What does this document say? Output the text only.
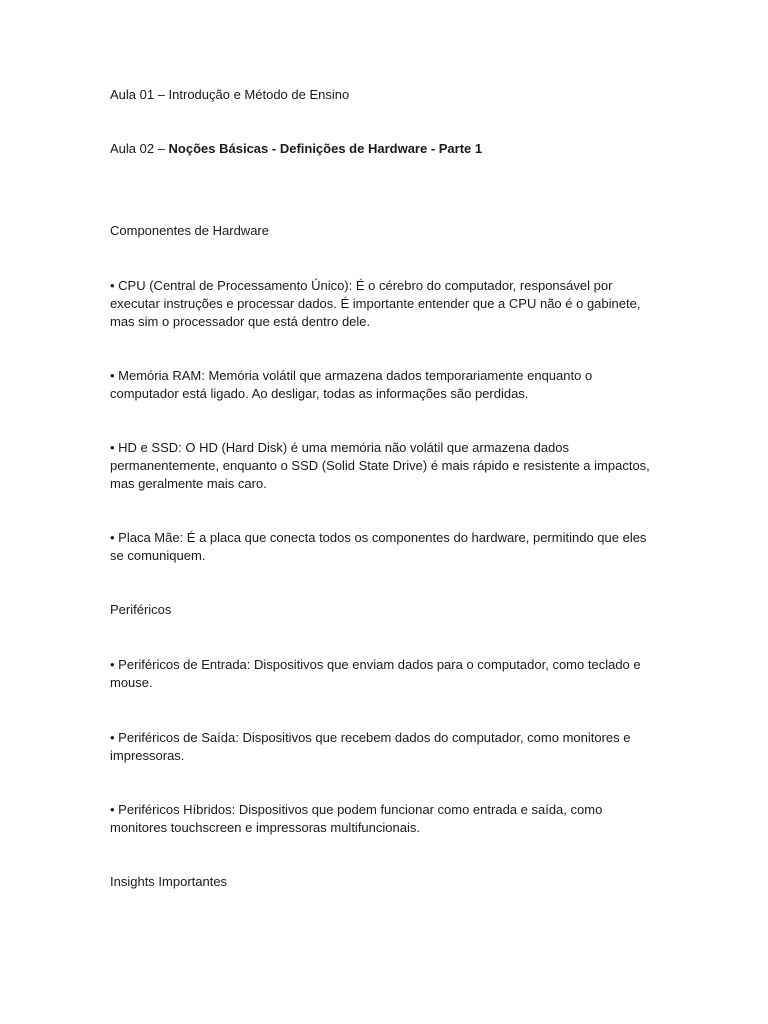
Aula 01 – Introdução e Método de Ensino

Aula 02 – Noções Básicas - Definições de Hardware - Parte 1

Componentes de Hardware

• CPU (Central de Processamento Único): É o cérebro do computador, responsável por executar instruções e processar dados. É importante entender que a CPU não é o gabinete, mas sim o processador que está dentro dele.

• Memória RAM: Memória volátil que armazena dados temporariamente enquanto o computador está ligado. Ao desligar, todas as informações são perdidas.

• HD e SSD: O HD (Hard Disk) é uma memória não volátil que armazena dados permanentemente, enquanto o SSD (Solid State Drive) é mais rápido e resistente a impactos, mas geralmente mais caro.

• Placa Mãe: É a placa que conecta todos os componentes do hardware, permitindo que eles se comuniquem.

Periféricos

• Periféricos de Entrada: Dispositivos que enviam dados para o computador, como teclado e mouse.

• Periféricos de Saída: Dispositivos que recebem dados do computador, como monitores e impressoras.

• Periféricos Híbridos: Dispositivos que podem funcionar como entrada e saída, como monitores touchscreen e impressoras multifuncionais.

Insights Importantes
